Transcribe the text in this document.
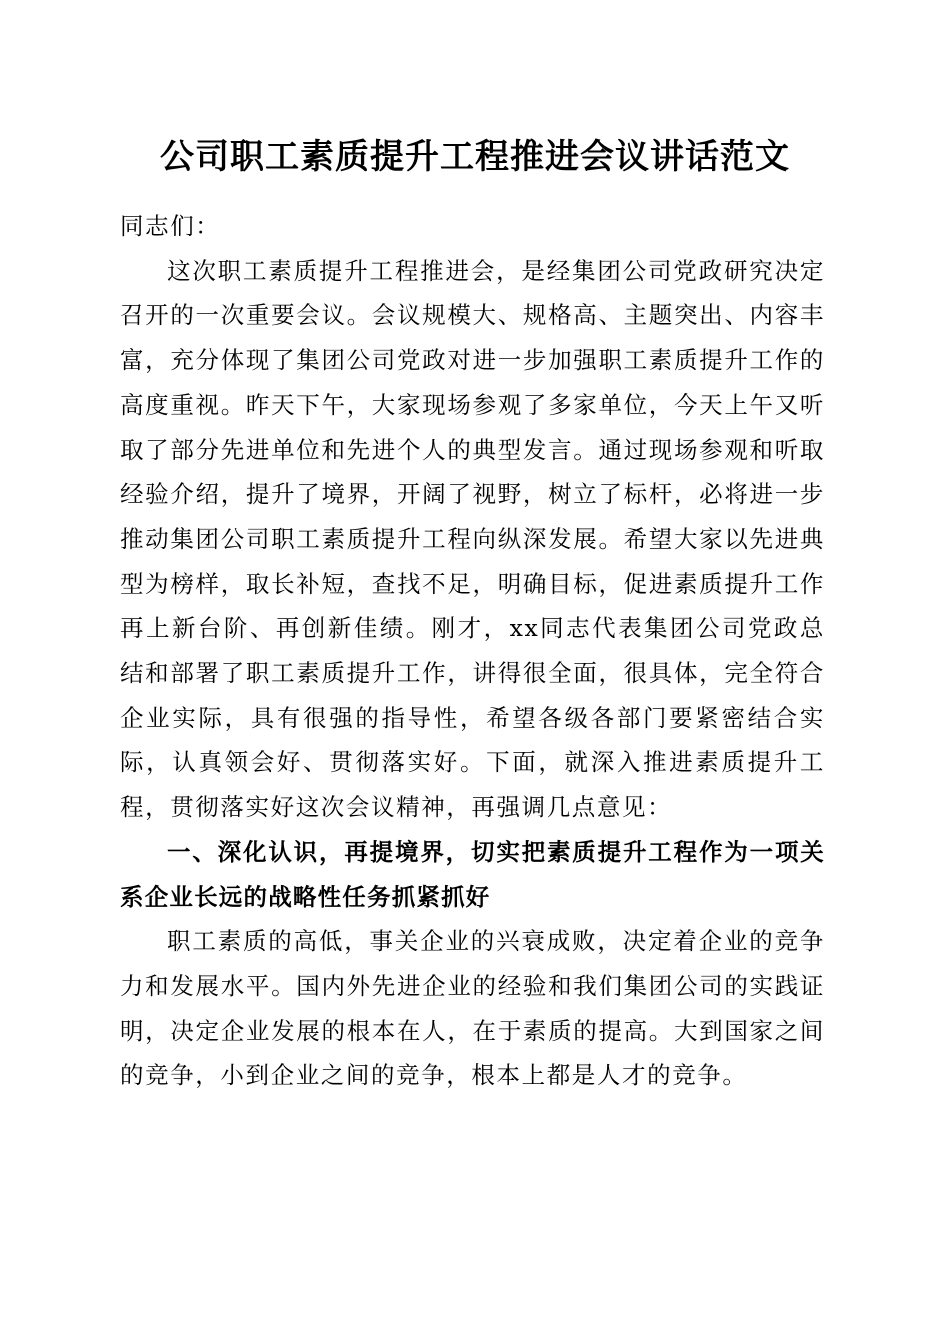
公司职工素质提升工程推进会议讲话范文

同志们：

这次职工素质提升工程推进会，是经集团公司党政研究决定召开的一次重要会议。会议规模大、规格高、主题突出、内容丰富，充分体现了集团公司党政对进一步加强职工素质提升工作的高度重视。昨天下午，大家现场参观了多家单位，今天上午又听取了部分先进单位和先进个人的典型发言。通过现场参观和听取经验介绍，提升了境界，开阔了视野，树立了标杆，必将进一步推动集团公司职工素质提升工程向纵深发展。希望大家以先进典型为榜样，取长补短，查找不足，明确目标，促进素质提升工作再上新台阶、再创新佳绩。刚才，xx同志代表集团公司党政总结和部署了职工素质提升工作，讲得很全面，很具体，完全符合企业实际，具有很强的指导性，希望各级各部门要紧密结合实际，认真领会好、贯彻落实好。下面，就深入推进素质提升工程，贯彻落实好这次会议精神，再强调几点意见：

一、深化认识，再提境界，切实把素质提升工程作为一项关系企业长远的战略性任务抓紧抓好

职工素质的高低，事关企业的兴衰成败，决定着企业的竞争力和发展水平。国内外先进企业的经验和我们集团公司的实践证明，决定企业发展的根本在人，在于素质的提高。大到国家之间的竞争，小到企业之间的竞争，根本上都是人才的竞争。
